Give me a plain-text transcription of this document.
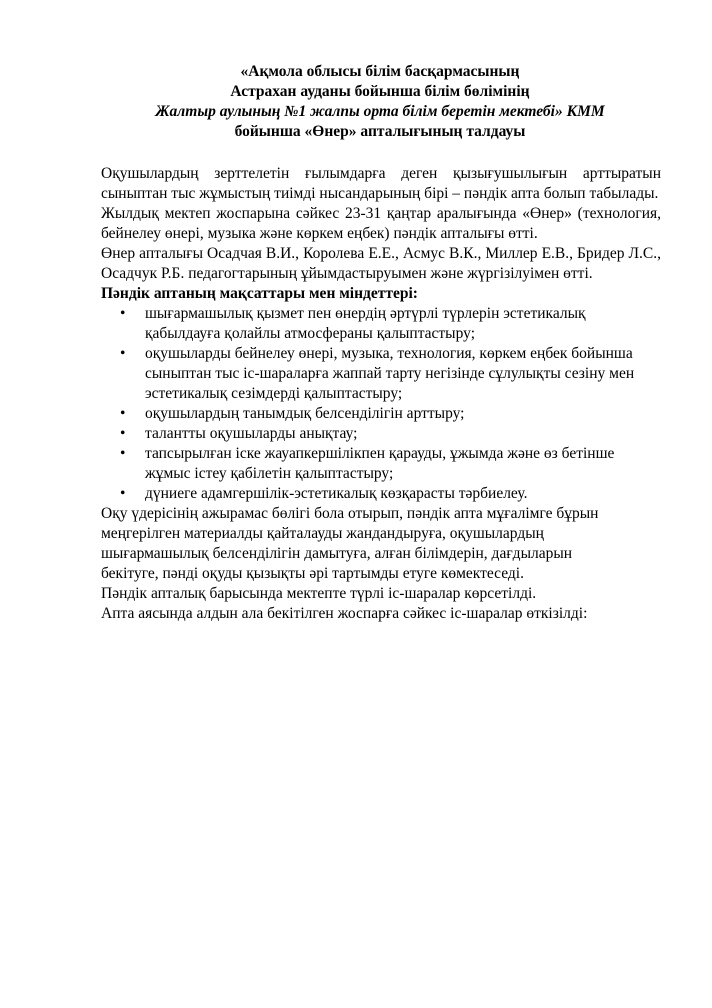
«Ақмола облысы білім басқармасының
Астрахан ауданы бойынша білім бөлімінің
Жалтыр аулының №1 жалпы орта білім беретін мектебі» КММ
бойынша «Өнер» апталығының талдауы

Оқушылардың зерттелетін ғылымдарға деген қызығушылығын арттыратын сыныптан тыс жұмыстың тиімді нысандарының бірі – пәндік апта болып табылады.

Жылдық мектеп жоспарына сәйкес 23-31 қаңтар аралығында «Өнер» (технология, бейнелеу өнері, музыка және көркем еңбек) пәндік апталығы өтті.

Өнер апталығы Осадчая В.И., Королева Е.Е., Асмус В.К., Миллер Е.В., Бридер Л.С., Осадчук Р.Б. педагогтарының ұйымдастыруымен және жүргізілуімен өтті.

Пәндік аптаның мақсаттары мен міндеттері:

• шығармашылық қызмет пен өнердің әртүрлі түрлерін эстетикалық қабылдауға қолайлы атмосфераны қалыптастыру;
• оқушыларды бейнелеу өнері, музыка, технология, көркем еңбек бойынша сыныптан тыс іс-шараларға жаппай тарту негізінде сұлулықты сезіну мен эстетикалық сезімдерді қалыптастыру;
• оқушылардың танымдық белсенділігін арттыру;
• талантты оқушыларды анықтау;
• тапсырылған іске жауапкершілікпен қарауды, ұжымда және өз бетінше жұмыс істеу қабілетін қалыптастыру;
• дүниеге адамгершілік-эстетикалық көзқарасты тәрбиелеу.
Оқу үдерісінің ажырамас бөлігі бола отырып, пәндік апта мұғалімге бұрын
меңгерілген материалды қайталауды жандандыруға, оқушылардың
шығармашылық белсенділігін дамытуға, алған білімдерін, дағдыларын
бекітуге, пәнді оқуды қызықты әрі тартымды етуге көмектеседі.

Пәндік апталық барысында мектепте түрлі іс-шаралар көрсетілді.

Апта аясында алдын ала бекітілген жоспарға сәйкес іс-шаралар өткізілді:
